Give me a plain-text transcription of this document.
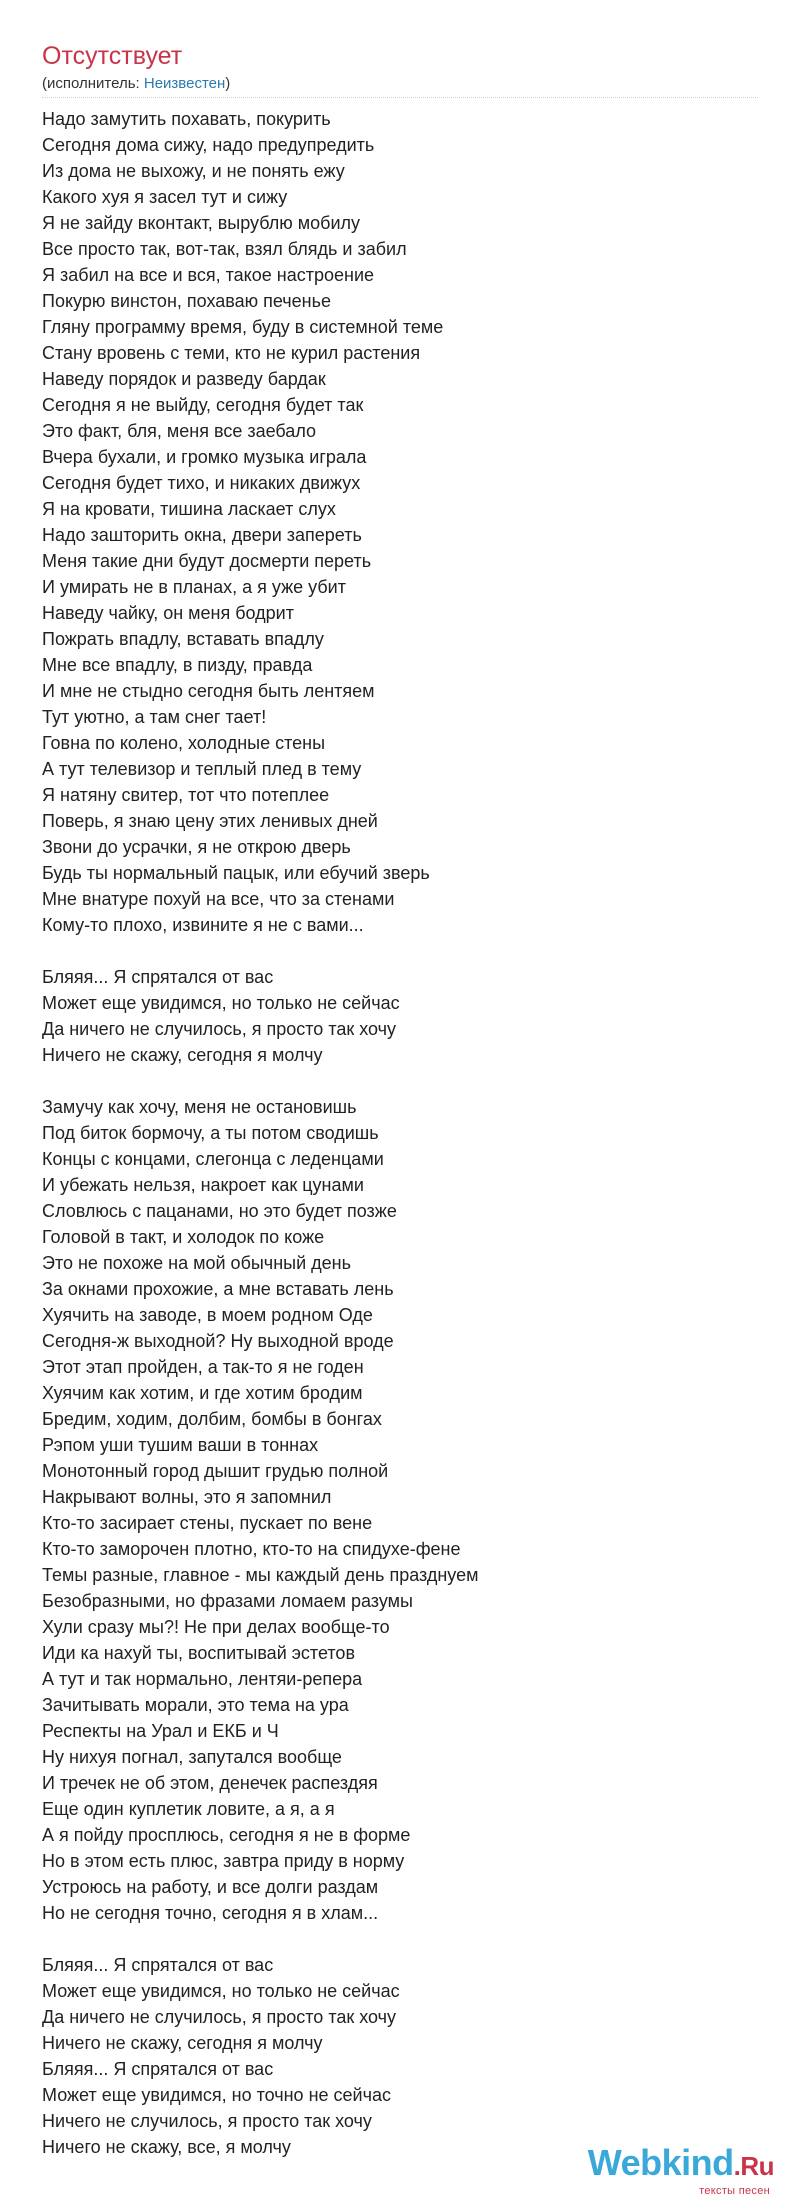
Отсутствует
(исполнитель: Неизвестен)
Надо замутить похавать, покурить
Сегодня дома сижу, надо предупредить
Из дома не выхожу, и не понять ежу
Какого хуя я засел тут и сижу
Я не зайду вконтакт, вырублю мобилу
Все просто так, вот-так, взял блядь и забил
Я забил на все и вся, такое настроение
Покурю винстон, похаваю печенье
Гляну программу время, буду в системной теме
Стану вровень с теми, кто не курил растения
Наведу порядок и разведу бардак
Сегодня я не выйду, сегодня будет так
Это факт, бля, меня все заебало
Вчера бухали, и громко музыка играла
Сегодня будет тихо, и никаких движух
Я на кровати, тишина ласкает слух
Надо зашторить окна, двери запереть
Меня такие дни будут досмерти переть
И умирать не в планах, а я уже убит
Наведу чайку, он меня бодрит
Пожрать впадлу, вставать впадлу
Мне все впадлу, в пизду, правда
И мне не стыдно сегодня быть лентяем
Тут уютно, а там снег тает!
Говна по колено, холодные стены
А тут телевизор и теплый плед в тему
Я натяну свитер, тот что потеплее
Поверь, я знаю цену этих ленивых дней
Звони до усрачки, я не открою дверь
Будь ты нормальный пацык, или ебучий зверь
Мне внатуре похуй на все, что за стенами
Кому-то плохо, извините я не с вами...
Бляяя... Я спрятался от вас
Может еще увидимся, но только не сейчас
Да ничего не случилось, я просто так хочу
Ничего не скажу, сегодня я молчу
Замучу как хочу, меня не остановишь
Под биток бормочу, а ты потом сводишь
Концы с концами, слегонца с леденцами
И убежать нельзя, накроет как цунами
Словлюсь с пацанами, но это будет позже
Головой в такт, и холодок по коже
Это не похоже на мой обычный день
За окнами прохожие, а мне вставать лень
Хуячить на заводе, в моем родном Оде
Сегодня-ж выходной? Ну выходной вроде
Этот этап пройден, а так-то я не годен
Хуячим как хотим, и где хотим бродим
Бредим, ходим, долбим, бомбы в бонгах
Рэпом уши тушим ваши в тоннах
Монотонный город дышит грудью полной
Накрывают волны, это я запомнил
Кто-то засирает стены, пускает по вене
Кто-то заморочен плотно, кто-то на спидухе-фене
Темы разные, главное - мы каждый день празднуем
Безобразными, но фразами ломаем разумы
Хули сразу мы?! Не при делах вообще-то
Иди ка нахуй ты, воспитывай эстетов
А тут и так нормально, лентяи-репера
Зачитывать морали, это тема на ура
Респекты на Урал и ЕКБ и Ч
Ну нихуя погнал, запутался вообще
И тречек не об этом, денечек распездяя
Еще один куплетик ловите, а я, а я
А я пойду просплюсь, сегодня я не в форме
Но в этом есть плюс, завтра приду в норму
Устроюсь на работу, и все долги раздам
Но не сегодня точно, сегодня я в хлам...
Бляяя... Я спрятался от вас
Может еще увидимся, но только не сейчас
Да ничего не случилось, я просто так хочу
Ничего не скажу, сегодня я молчу
Бляяя... Я спрятался от вас
Может еще увидимся, но точно не сейчас
Ничего не случилось, я просто так хочу
Ничего не скажу, все, я молчу	Webkind.Ru
тексты песен
